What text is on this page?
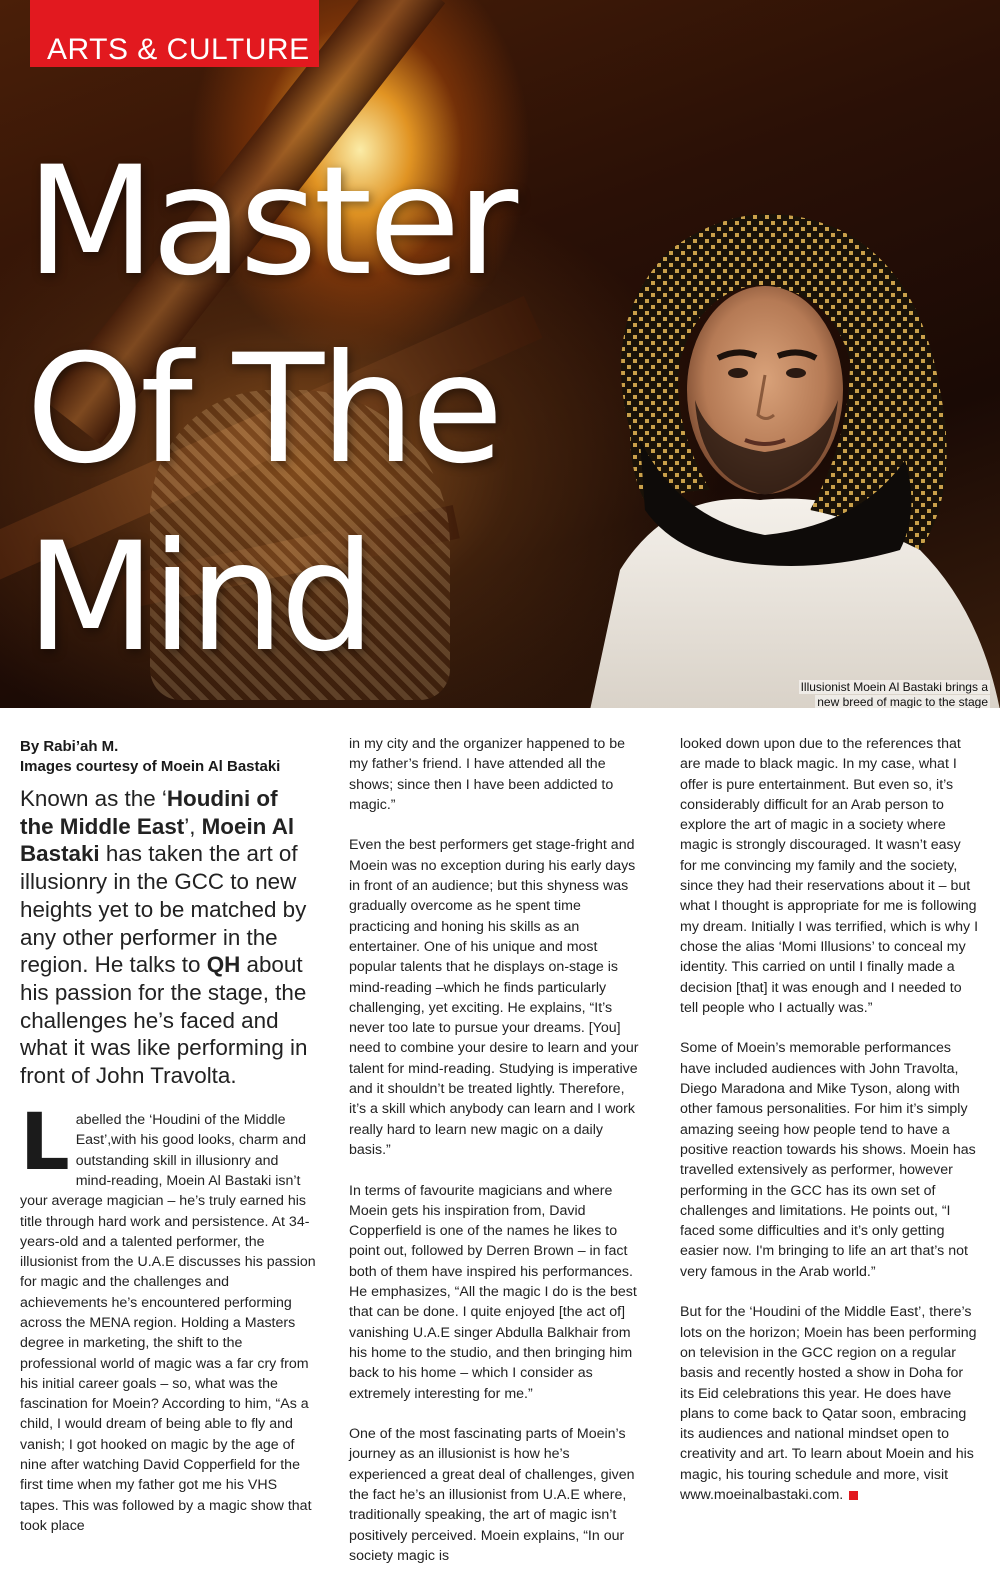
ARTS & CULTURE
Master
Of The
Mind
Illusionist Moein Al Bastaki brings a
new breed of magic to the stage
By Rabi’ah M.
Images courtesy of Moein Al Bastaki

Known as the ‘Houdini of the Middle East’, Moein Al Bastaki has taken the art of illusionry in the GCC to new heights yet to be matched by any other performer in the region. He talks to QH about his passion for the stage, the challenges he’s faced and what it was like performing in front of John Travolta.

Labelled the ‘Houdini of the Middle East’,with his good looks, charm and outstanding skill in illusionry and mind-reading, Moein Al Bastaki isn’t your average magician – he’s truly earned his title through hard work and persistence. At 34-years-old and a talented performer, the illusionist from the U.A.E discusses his passion for magic and the challenges and achievements he’s encountered performing across the MENA region. Holding a Masters degree in marketing, the shift to the professional world of magic was a far cry from his initial career goals – so, what was the fascination for Moein? According to him, “As a child, I would dream of being able to fly and vanish; I got hooked on magic by the age of nine after watching David Copperfield for the first time when my father got me his VHS tapes. This was followed by a magic show that took place

in my city and the organizer happened to be my father’s friend. I have attended all the shows; since then I have been addicted to magic.”

Even the best performers get stage-fright and Moein was no exception during his early days in front of an audience; but this shyness was gradually overcome as he spent time practicing and honing his skills as an entertainer. One of his unique and most popular talents that he displays on-stage is mind-reading –which he finds particularly challenging, yet exciting. He explains, “It’s never too late to pursue your dreams. [You] need to combine your desire to learn and your talent for mind-reading. Studying is imperative and it shouldn’t be treated lightly. Therefore, it’s a skill which anybody can learn and I work really hard to learn new magic on a daily basis.”

In terms of favourite magicians and where Moein gets his inspiration from, David Copperfield is one of the names he likes to point out, followed by Derren Brown – in fact both of them have inspired his performances. He emphasizes, “All the magic I do is the best that can be done. I quite enjoyed [the act of] vanishing U.A.E singer Abdulla Balkhair from his home to the studio, and then bringing him back to his home – which I consider as extremely interesting for me.”

One of the most fascinating parts of Moein’s journey as an illusionist is how he’s experienced a great deal of challenges, given the fact he’s an illusionist from U.A.E where, traditionally speaking, the art of magic isn’t positively perceived. Moein explains, “In our society magic is

looked down upon due to the references that are made to black magic. In my case, what I offer is pure entertainment. But even so, it’s considerably difficult for an Arab person to explore the art of magic in a society where magic is strongly discouraged. It wasn’t easy for me convincing my family and the society, since they had their reservations about it – but what I thought is appropriate for me is following my dream. Initially I was terrified, which is why I chose the alias ‘Momi Illusions’ to conceal my identity. This carried on until I finally made a decision [that] it was enough and I needed to tell people who I actually was.”

Some of Moein’s memorable performances have included audiences with John Travolta, Diego Maradona and Mike Tyson, along with other famous personalities. For him it’s simply amazing seeing how people tend to have a positive reaction towards his shows. Moein has travelled extensively as performer, however performing in the GCC has its own set of challenges and limitations. He points out, “I faced some difficulties and it’s only getting easier now. I'm bringing to life an art that’s not very famous in the Arab world.”

But for the ‘Houdini of the Middle East’, there’s lots on the horizon; Moein has been performing on television in the GCC region on a regular basis and recently hosted a show in Doha for its Eid celebrations this year. He does have plans to come back to Qatar soon, embracing its audiences and national mindset open to creativity and art. To learn about Moein and his magic, his touring schedule and more, visit www.moeinalbastaki.com.
